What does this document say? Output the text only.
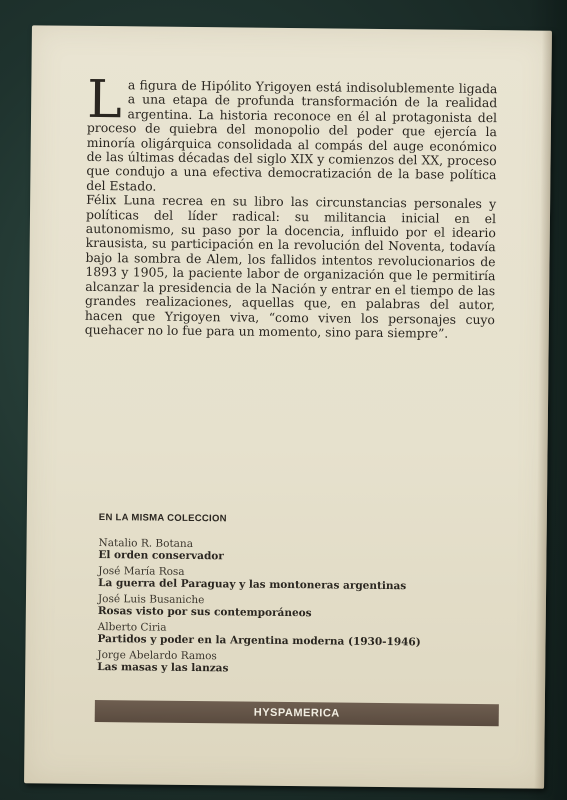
La figura de Hipólito Yrigoyen está indisolublemente ligada a una etapa de profunda transformación de la realidad argentina. La historia reconoce en él al protagonista del proceso de quiebra del monopolio del poder que ejercía la minoría oligárquica consolidada al compás del auge económico de las últimas décadas del siglo XIX y comienzos del XX, proceso que condujo a una efectiva democratización de la base política del Estado.

Félix Luna recrea en su libro las circunstancias personales y políticas del líder radical: su militancia inicial en el autonomismo, su paso por la docencia, influido por el ideario krausista, su participación en la revolución del Noventa, todavía bajo la sombra de Alem, los fallidos intentos revolucionarios de 1893 y 1905, la paciente labor de organización que le permitiría alcanzar la presidencia de la Nación y entrar en el tiempo de las grandes realizaciones, aquellas que, en palabras del autor, hacen que Yrigoyen viva, “como viven los personajes cuyo quehacer no lo fue para un momento, sino para siempre”.

EN LA MISMA COLECCION
Natalio R. Botana
El orden conservador
José María Rosa
La guerra del Paraguay y las montoneras argentinas
José Luis Busaniche
Rosas visto por sus contemporáneos
Alberto Ciria
Partidos y poder en la Argentina moderna (1930-1946)
Jorge Abelardo Ramos
Las masas y las lanzas
HYSPAMERICA
